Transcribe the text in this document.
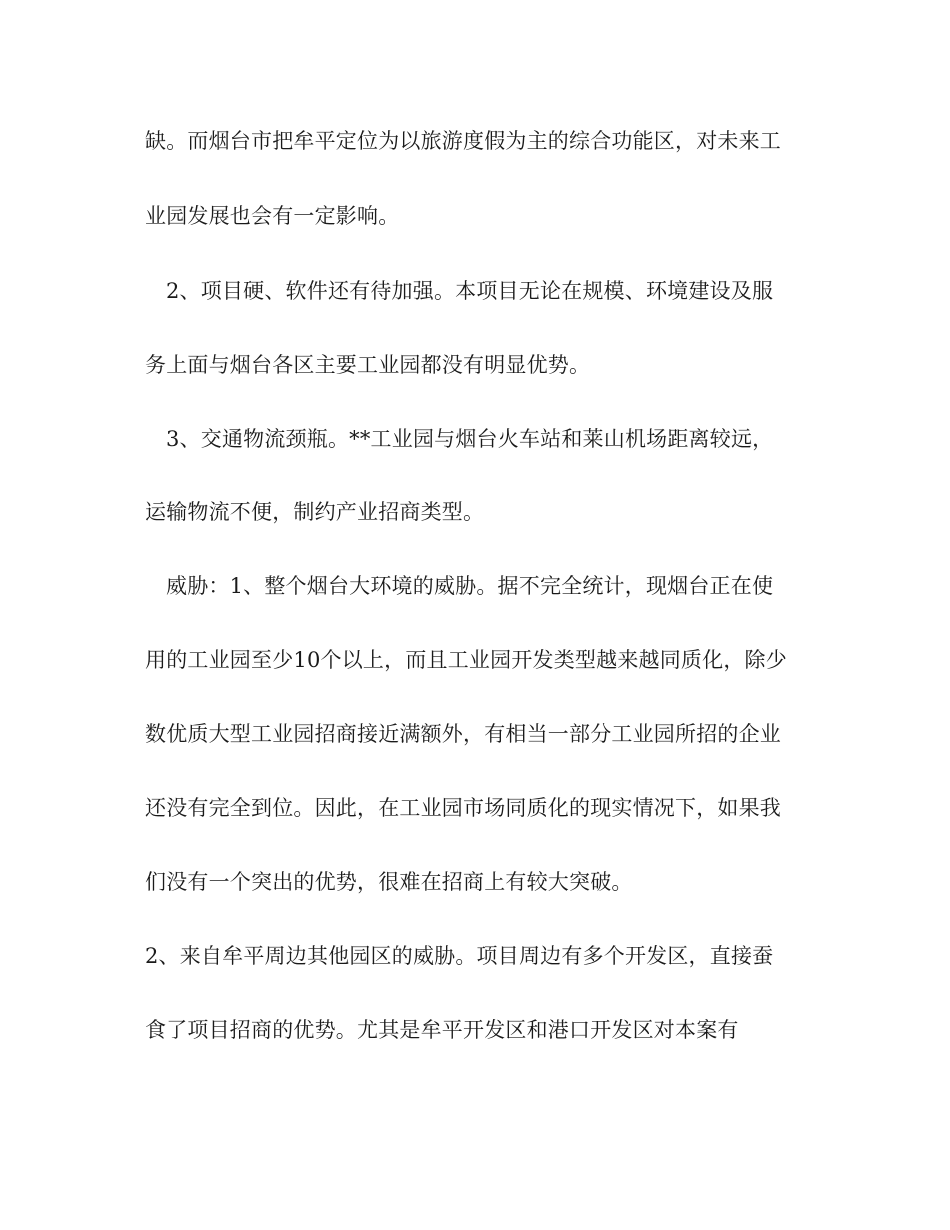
缺。而烟台市把牟平定位为以旅游度假为主的综合功能区，对未来工
业园发展也会有一定影响。
2、项目硬、软件还有待加强。本项目无论在规模、环境建设及服
务上面与烟台各区主要工业园都没有明显优势。
3、交通物流颈瓶。**工业园与烟台火车站和莱山机场距离较远，
运输物流不便，制约产业招商类型。
威胁：1、整个烟台大环境的威胁。据不完全统计，现烟台正在使
用的工业园至少10个以上，而且工业园开发类型越来越同质化，除少
数优质大型工业园招商接近满额外，有相当一部分工业园所招的企业
还没有完全到位。因此，在工业园市场同质化的现实情况下，如果我
们没有一个突出的优势，很难在招商上有较大突破。
2、来自牟平周边其他园区的威胁。项目周边有多个开发区，直接蚕
食了项目招商的优势。尤其是牟平开发区和港口开发区对本案有
